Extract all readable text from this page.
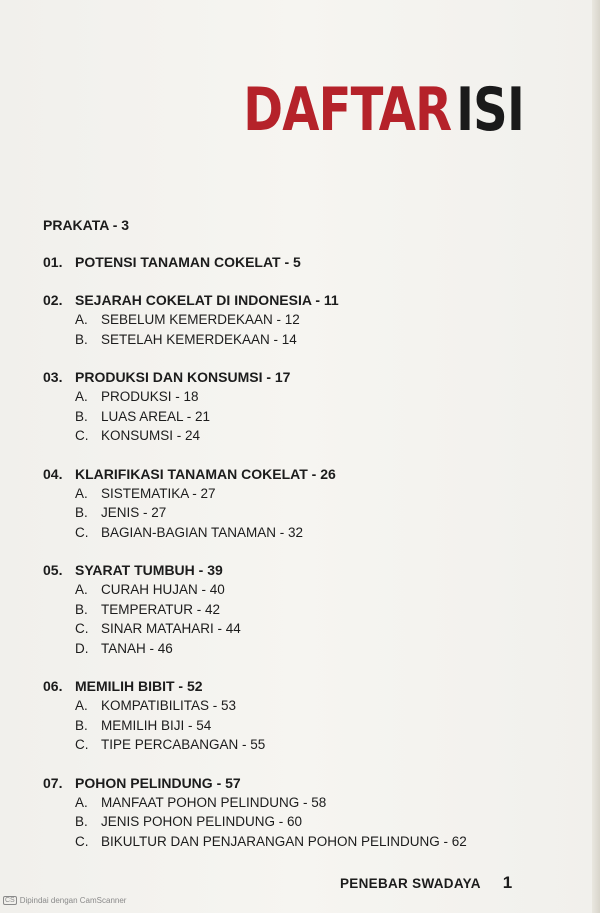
DAFTARISI
PRAKATA - 3
01. POTENSI TANAMAN COKELAT - 5
02. SEJARAH COKELAT DI INDONESIA - 11
A. SEBELUM KEMERDEKAAN - 12
B. SETELAH KEMERDEKAAN - 14
03. PRODUKSI DAN KONSUMSI - 17
A. PRODUKSI - 18
B. LUAS AREAL - 21
C. KONSUMSI - 24
04. KLARIFIKASI TANAMAN COKELAT - 26
A. SISTEMATIKA - 27
B. JENIS - 27
C. BAGIAN-BAGIAN TANAMAN - 32
05. SYARAT TUMBUH - 39
A. CURAH HUJAN - 40
B. TEMPERATUR - 42
C. SINAR MATAHARI - 44
D. TANAH - 46
06. MEMILIH BIBIT - 52
A. KOMPATIBILITAS - 53
B. MEMILIH BIJI - 54
C. TIPE PERCABANGAN - 55
07. POHON PELINDUNG - 57
A. MANFAAT POHON PELINDUNG - 58
B. JENIS POHON PELINDUNG - 60
C. BIKULTUR DAN PENJARANGAN POHON PELINDUNG - 62
PENEBAR SWADAYA 1
CS Dipindai dengan CamScanner
